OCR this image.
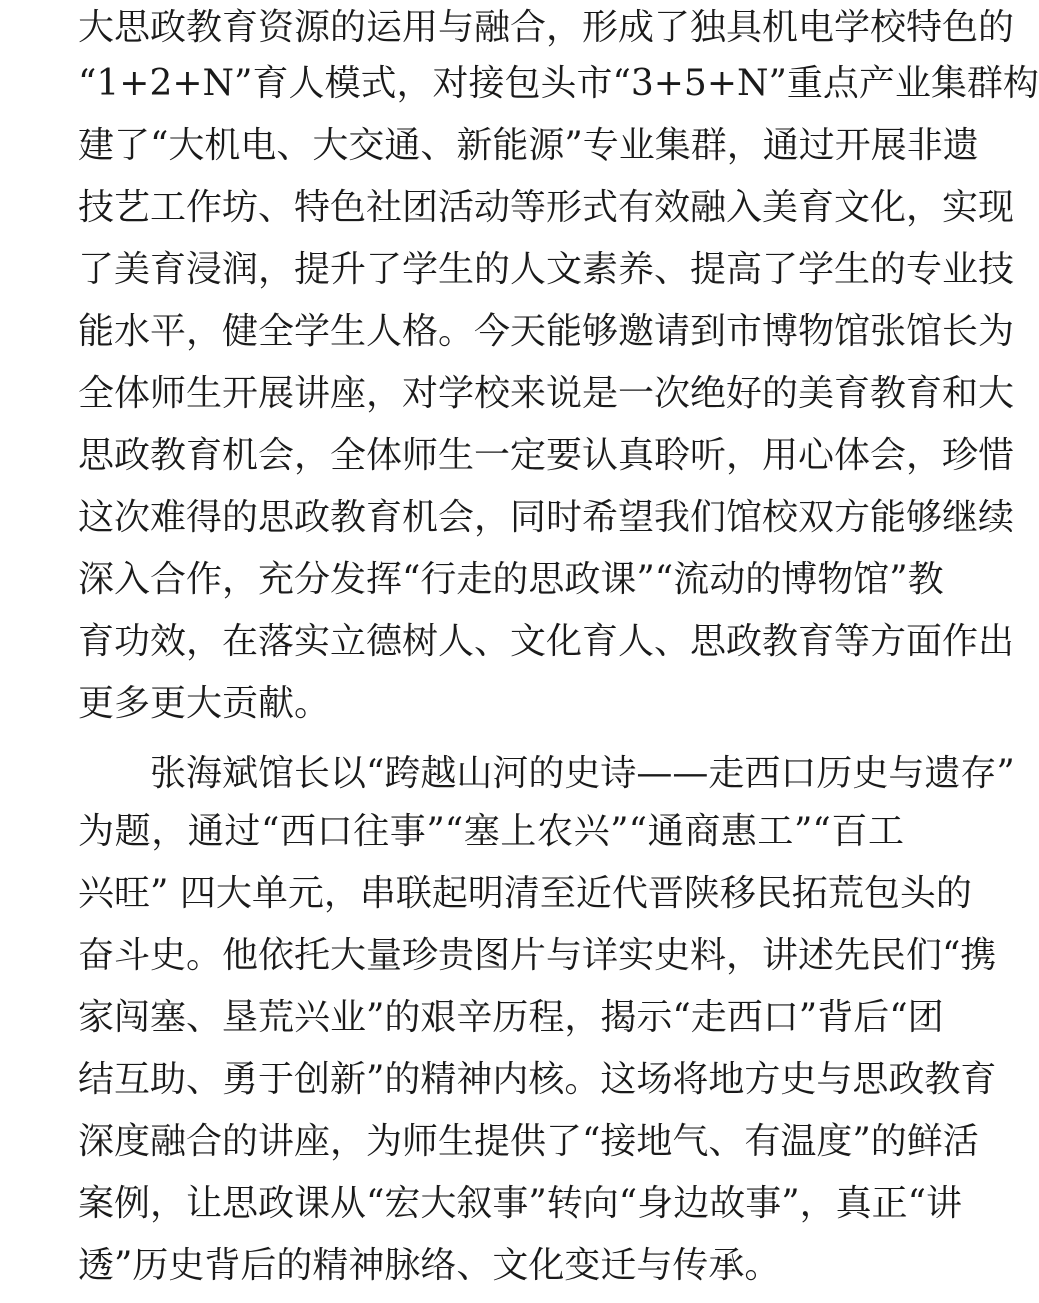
大思政教育资源的运用与融合，形成了独具机电学校特色的
“1+2+N”育人模式，对接包头市“3+5+N”重点产业集群构
建了“大机电、大交通、新能源”专业集群，通过开展非遗
技艺工作坊、特色社团活动等形式有效融入美育文化，实现
了美育浸润，提升了学生的人文素养、提高了学生的专业技
能水平，健全学生人格。今天能够邀请到市博物馆张馆长为
全体师生开展讲座，对学校来说是一次绝好的美育教育和大
思政教育机会，全体师生一定要认真聆听，用心体会，珍惜
这次难得的思政教育机会，同时希望我们馆校双方能够继续
深入合作，充分发挥“行走的思政课”“流动的博物馆”教
育功效，在落实立德树人、文化育人、思政教育等方面作出
更多更大贡献。
张海斌馆长以“跨越山河的史诗——走西口历史与遗存”
为题，通过“西口往事”“塞上农兴”“通商惠工”“百工
兴旺” 四大单元，串联起明清至近代晋陕移民拓荒包头的
奋斗史。他依托大量珍贵图片与详实史料，讲述先民们“携
家闯塞、垦荒兴业”的艰辛历程，揭示“走西口”背后“团
结互助、勇于创新”的精神内核。这场将地方史与思政教育
深度融合的讲座，为师生提供了“接地气、有温度”的鲜活
案例，让思政课从“宏大叙事”转向“身边故事”，真正“讲
透”历史背后的精神脉络、文化变迁与传承。
